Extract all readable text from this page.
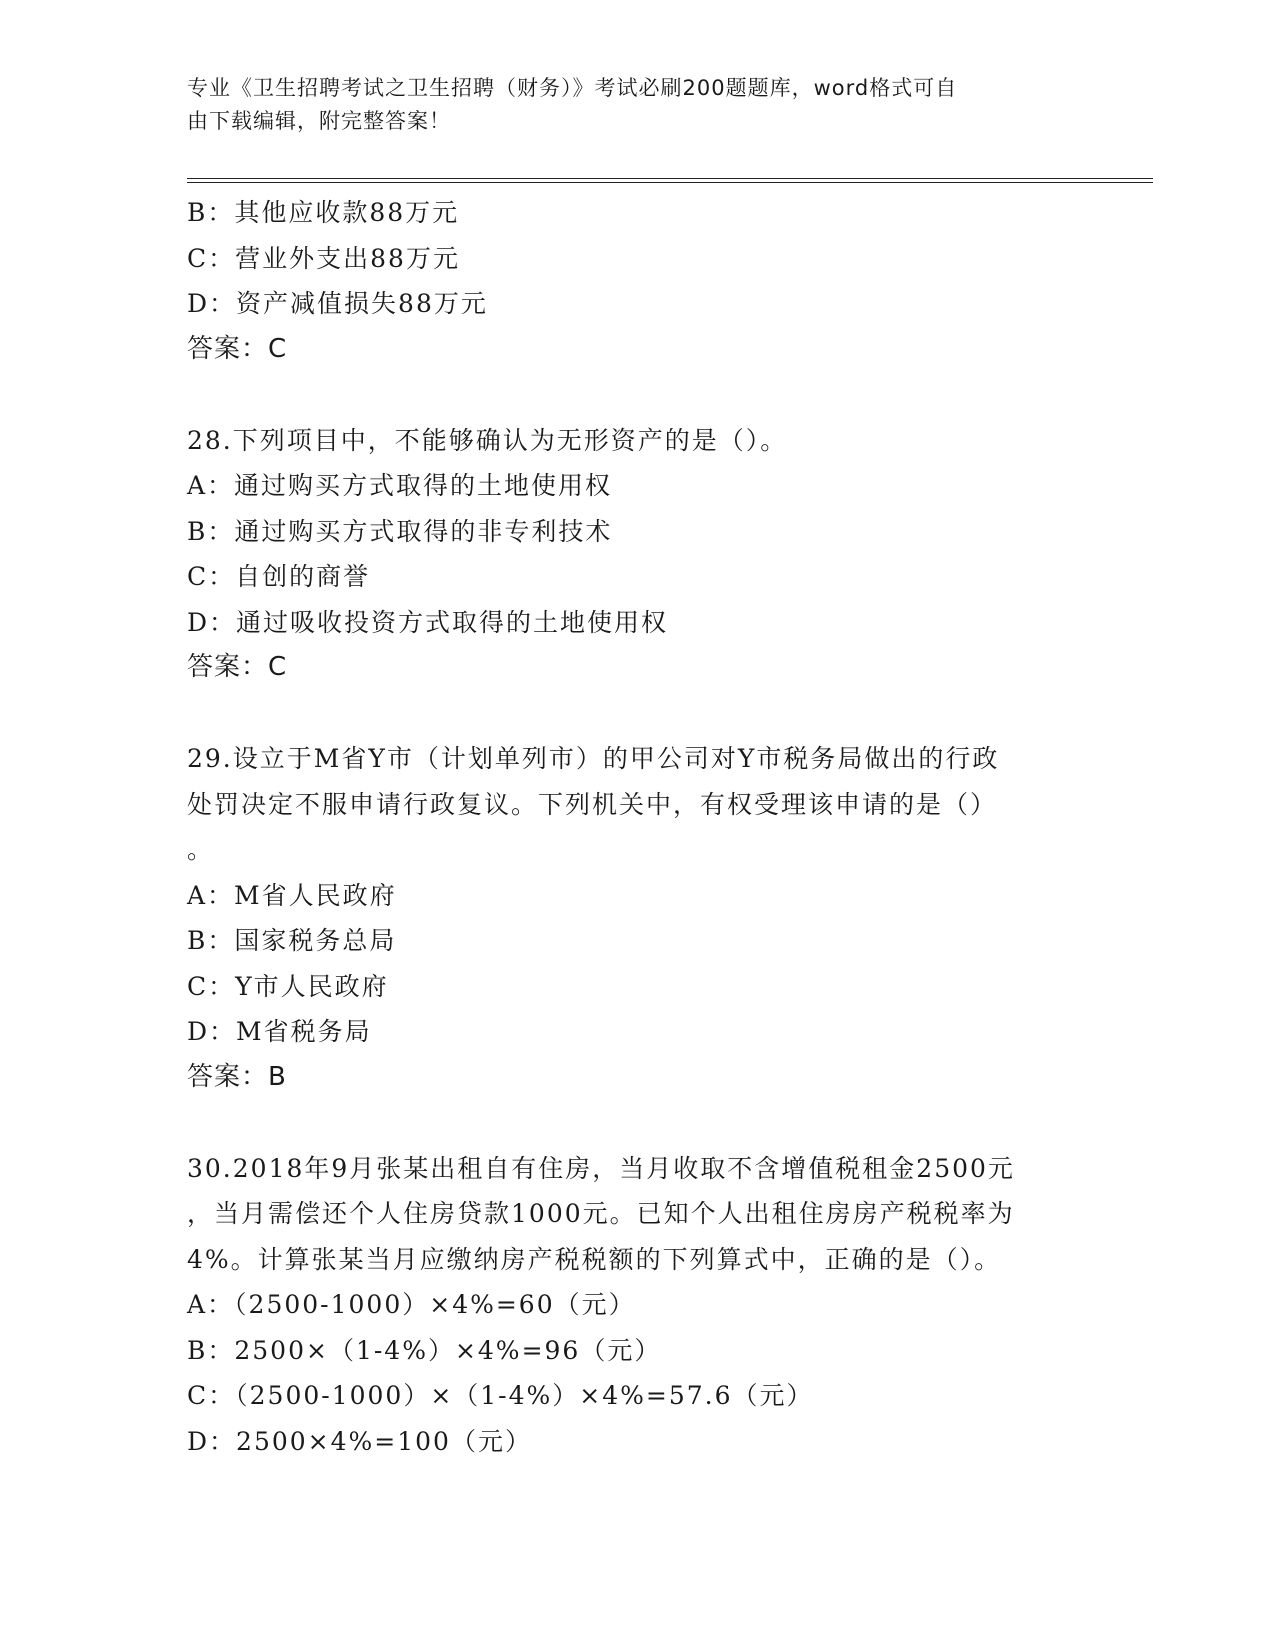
专业《卫生招聘考试之卫生招聘（财务）》考试必刷200题题库，word格式可自
由下载编辑，附完整答案！
B：其他应收款88万元
C：营业外支出88万元
D：资产减值损失88万元
答案：C
28.下列项目中，不能够确认为无形资产的是（）。
A：通过购买方式取得的土地使用权
B：通过购买方式取得的非专利技术
C：自创的商誉
D：通过吸收投资方式取得的土地使用权
答案：C
29.设立于M省Y市（计划单列市）的甲公司对Y市税务局做出的行政
处罚决定不服申请行政复议。下列机关中，有权受理该申请的是（）
。
A：M省人民政府
B：国家税务总局
C：Y市人民政府
D：M省税务局
答案：B
30.2018年9月张某出租自有住房，当月收取不含增值税租金2500元
，当月需偿还个人住房贷款1000元。已知个人出租住房房产税税率为
4%。计算张某当月应缴纳房产税税额的下列算式中，正确的是（）。
A：（2500-1000）×4%=60（元）
B：2500×（1-4%）×4%=96（元）
C：（2500-1000）×（1-4%）×4%=57.6（元）
D：2500×4%=100（元）
